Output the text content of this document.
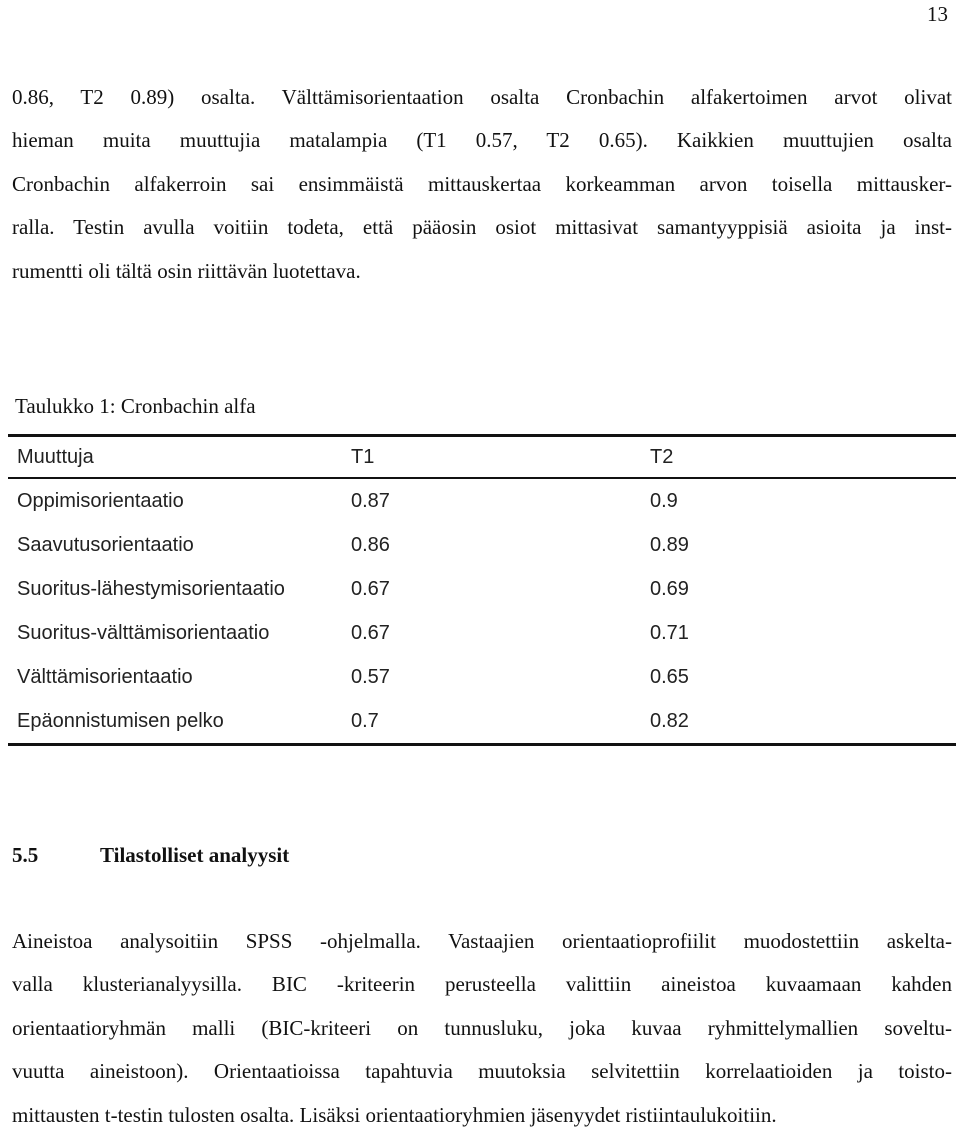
13

0.86, T2 0.89) osalta. Välttämisorientaation osalta Cronbachin alfakertoimen arvot olivat
hieman muita muuttujia matalampia (T1 0.57, T2 0.65). Kaikkien muuttujien osalta
Cronbachin alfakerroin sai ensimmäistä mittauskertaa korkeamman arvon toisella mittausker-
ralla. Testin avulla voitiin todeta, että pääosin osiot mittasivat samantyyppisiä asioita ja inst-
rumentti oli tältä osin riittävän luotettava.

Taulukko 1: Cronbachin alfa
Muuttuja	T1	T2
Oppimisorientaatio	0.87	0.9
Saavutusorientaatio	0.86	0.89
Suoritus-lähestymisorientaatio	0.67	0.69
Suoritus-välttämisorientaatio	0.67	0.71
Välttämisorientaatio	0.57	0.65
Epäonnistumisen pelko	0.7	0.82
5.5	Tilastolliset analyysit

Aineistoa analysoitiin SPSS -ohjelmalla. Vastaajien orientaatioprofiilit muodostettiin askelta-
valla klusterianalyysilla. BIC -kriteerin perusteella valittiin aineistoa kuvaamaan kahden
orientaatioryhmän malli (BIC-kriteeri on tunnusluku, joka kuvaa ryhmittelymallien soveltu-
vuutta aineistoon). Orientaatioissa tapahtuvia muutoksia selvitettiin korrelaatioiden ja toisto-
mittausten t-testin tulosten osalta. Lisäksi orientaatioryhmien jäsenyydet ristiintaulukoitiin.
